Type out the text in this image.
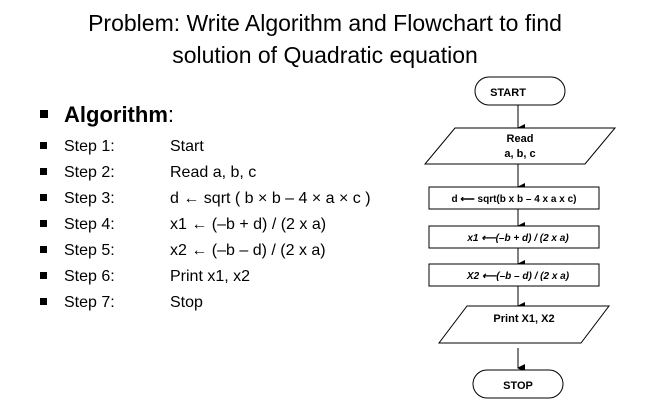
Problem: Write Algorithm and Flowchart to find
solution of Quadratic equation
Algorithm:
Step 1:	Start
Step 2:	Read a, b, c
Step 3:	d ← sqrt ( b × b – 4 × a × c )
Step 4:	x1 ← (–b + d) / (2 x a)
Step 5:	x2 ← (–b – d) / (2 x a)
Step 6:	Print x1, x2
Step 7:	Stop
START
Read
a, b, c
d ⟵ sqrt(b x b – 4 x a x c)
x1 ⟵(–b + d) / (2 x a)
X2 ⟵(–b – d) / (2 x a)
Print X1, X2
STOP
